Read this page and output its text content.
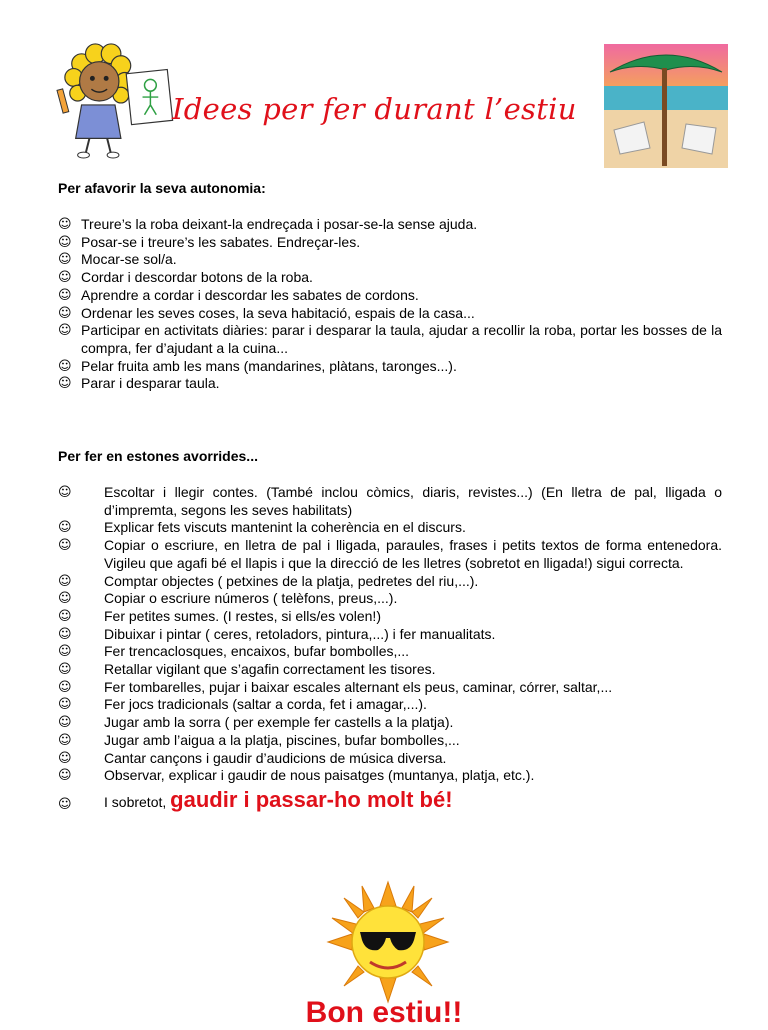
Idees per fer durant l’estiu
Per afavorir la seva autonomia:
☺ Treure’s la roba deixant-la endreçada i posar-se-la sense ajuda.
☺ Posar-se i treure’s les sabates. Endreçar-les.
☺ Mocar-se sol/a.
☺ Cordar i descordar botons de la roba.
☺ Aprendre a cordar i descordar les sabates de cordons.
☺ Ordenar les seves coses, la seva habitació, espais de la casa...
☺ Participar en activitats diàries: parar i desparar la taula, ajudar a recollir la roba, portar les bosses de la compra, fer d’ajudant a la cuina...
☺ Pelar fruita amb les mans (mandarines, plàtans, taronges...).
☺ Parar i desparar taula.
Per fer en estones avorrides...
☺ Escoltar i llegir contes. (També inclou còmics, diaris, revistes...) (En lletra de pal, lligada o d’impremta, segons les seves habilitats)
☺ Explicar fets viscuts mantenint la coherència en el discurs.
☺ Copiar o escriure, en lletra de pal i lligada, paraules, frases i petits textos de forma entenedora. Vigileu que agafi bé el llapis i que la direcció de les lletres (sobretot en lligada!) sigui correcta.
☺ Comptar objectes ( petxines de la platja, pedretes del riu,...).
☺ Copiar o escriure números ( telèfons, preus,...).
☺ Fer petites sumes. (I restes, si ells/es volen!)
☺ Dibuixar i pintar ( ceres, retoladors, pintura,...) i fer manualitats.
☺ Fer trencaclosques, encaixos, bufar bombolles,...
☺ Retallar vigilant que s’agafin correctament les tisores.
☺ Fer tombarelles, pujar i baixar escales alternant els peus, caminar, córrer, saltar,...
☺ Fer jocs tradicionals (saltar a corda, fet i amagar,...).
☺ Jugar amb la sorra ( per exemple fer castells a la platja).
☺ Jugar amb l’aigua a la platja, piscines, bufar bombolles,...
☺ Cantar cançons i gaudir d’audicions de música diversa.
☺ Observar, explicar i gaudir de nous paisatges (muntanya, platja, etc.).
☺ I sobretot, gaudir i passar-ho molt bé!
Bon estiu!!
